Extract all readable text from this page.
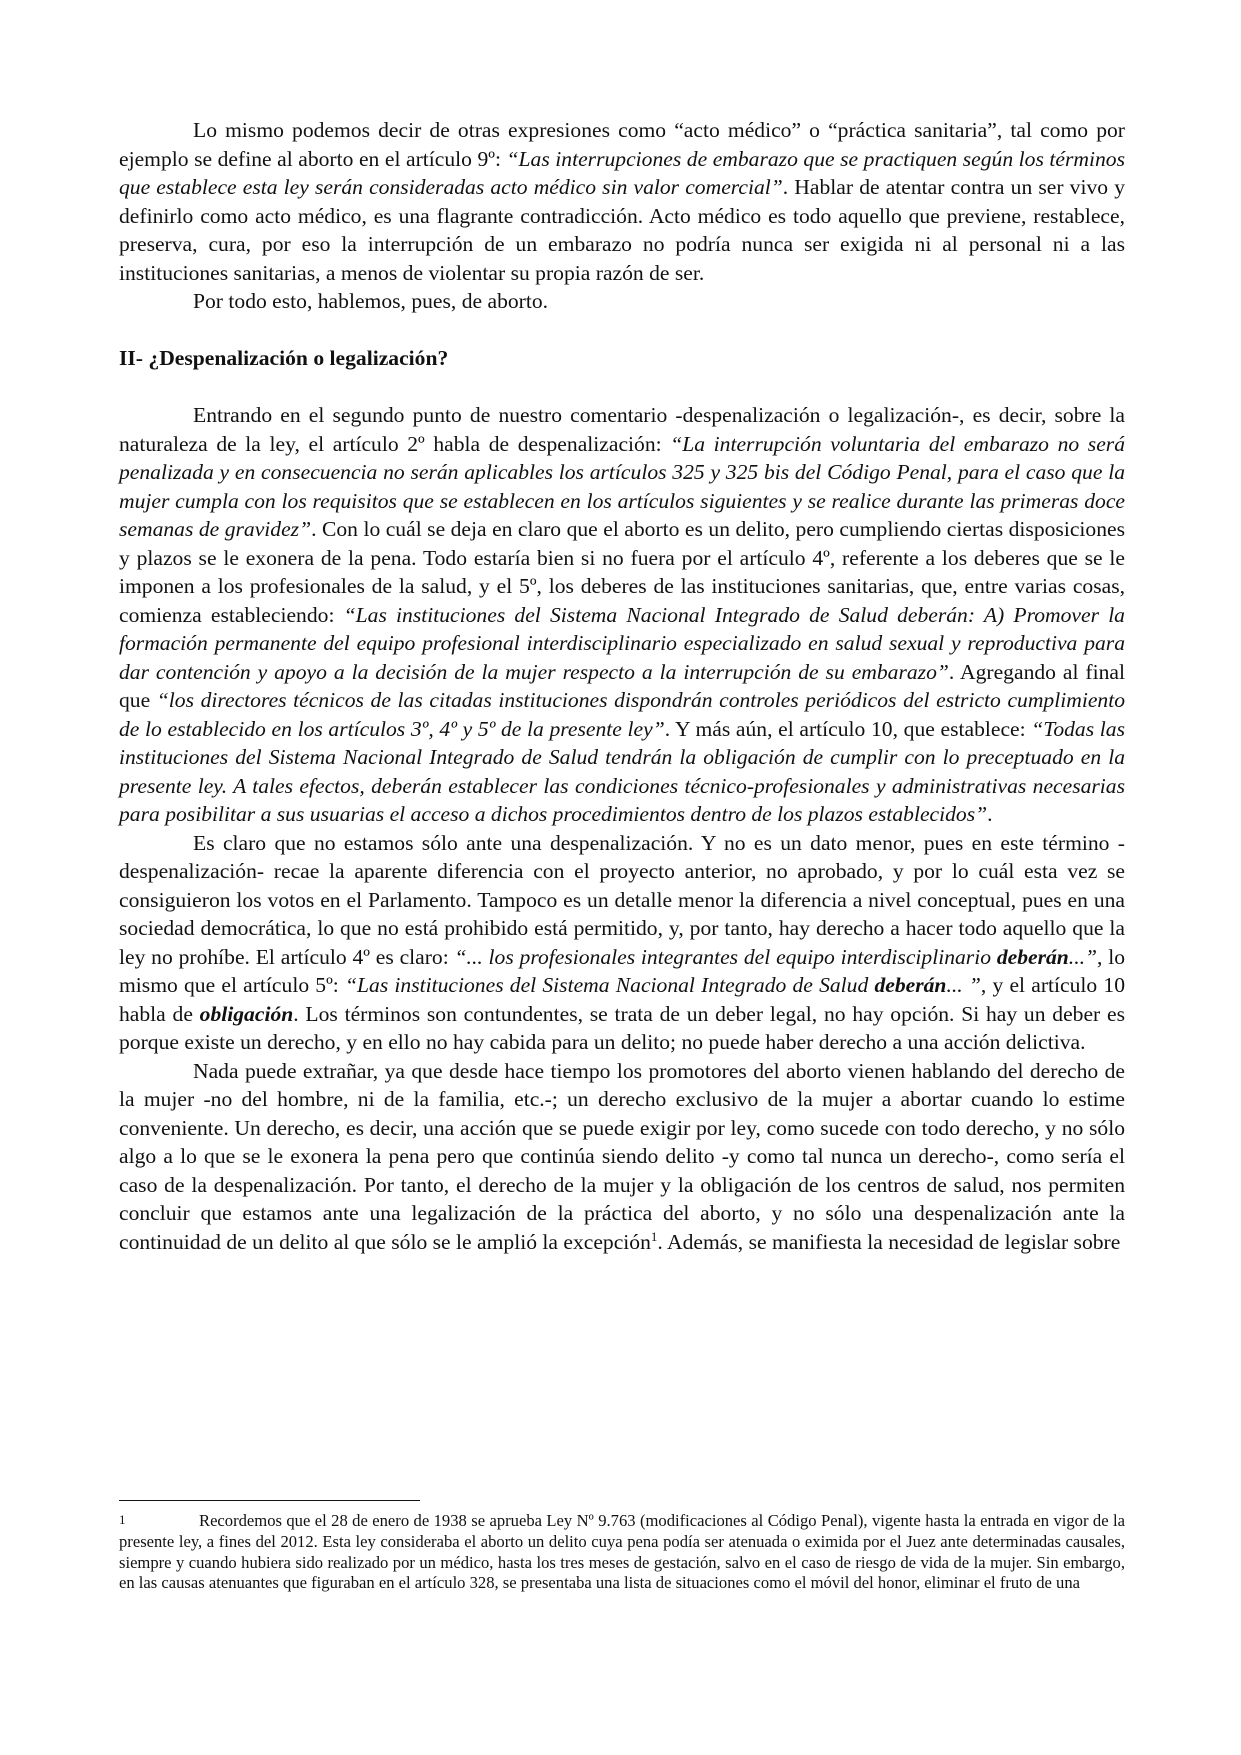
Lo mismo podemos decir de otras expresiones como “acto médico” o “práctica sanitaria”, tal como por ejemplo se define al aborto en el artículo 9º: “Las interrupciones de embarazo que se practiquen según los términos que establece esta ley serán consideradas acto médico sin valor comercial”. Hablar de atentar contra un ser vivo y definirlo como acto médico, es una flagrante contradicción. Acto médico es todo aquello que previene, restablece, preserva, cura, por eso la interrupción de un embarazo no podría nunca ser exigida ni al personal ni a las instituciones sanitarias, a menos de violentar su propia razón de ser.

Por todo esto, hablemos, pues, de aborto.

II- ¿Despenalización o legalización?

Entrando en el segundo punto de nuestro comentario -despenalización o legalización-, es decir, sobre la naturaleza de la ley, el artículo 2º habla de despenalización: “La interrupción voluntaria del embarazo no será penalizada y en consecuencia no serán aplicables los artículos 325 y 325 bis del Código Penal, para el caso que la mujer cumpla con los requisitos que se establecen en los artículos siguientes y se realice durante las primeras doce semanas de gravidez”. Con lo cuál se deja en claro que el aborto es un delito, pero cumpliendo ciertas disposiciones y plazos se le exonera de la pena. Todo estaría bien si no fuera por el artículo 4º, referente a los deberes que se le imponen a los profesionales de la salud, y el 5º, los deberes de las instituciones sanitarias, que, entre varias cosas, comienza estableciendo: “Las instituciones del Sistema Nacional Integrado de Salud deberán: A) Promover la formación permanente del equipo profesional interdisciplinario especializado en salud sexual y reproductiva para dar contención y apoyo a la decisión de la mujer respecto a la interrupción de su embarazo”. Agregando al final que “los directores técnicos de las citadas instituciones dispondrán controles periódicos del estricto cumplimiento de lo establecido en los artículos 3º, 4º y 5º de la presente ley”. Y más aún, el artículo 10, que establece: “Todas las instituciones del Sistema Nacional Integrado de Salud tendrán la obligación de cumplir con lo preceptuado en la presente ley. A tales efectos, deberán establecer las condiciones técnico-profesionales y administrativas necesarias para posibilitar a sus usuarias el acceso a dichos procedimientos dentro de los plazos establecidos”.

Es claro que no estamos sólo ante una despenalización. Y no es un dato menor, pues en este término -despenalización- recae la aparente diferencia con el proyecto anterior, no aprobado, y por lo cuál esta vez se consiguieron los votos en el Parlamento. Tampoco es un detalle menor la diferencia a nivel conceptual, pues en una sociedad democrática, lo que no está prohibido está permitido, y, por tanto, hay derecho a hacer todo aquello que la ley no prohíbe. El artículo 4º es claro: “... los profesionales integrantes del equipo interdisciplinario deberán...”, lo mismo que el artículo 5º: “Las instituciones del Sistema Nacional Integrado de Salud deberán... ”, y el artículo 10 habla de obligación. Los términos son contundentes, se trata de un deber legal, no hay opción. Si hay un deber es porque existe un derecho, y en ello no hay cabida para un delito; no puede haber derecho a una acción delictiva.

Nada puede extrañar, ya que desde hace tiempo los promotores del aborto vienen hablando del derecho de la mujer -no del hombre, ni de la familia, etc.-; un derecho exclusivo de la mujer a abortar cuando lo estime conveniente. Un derecho, es decir, una acción que se puede exigir por ley, como sucede con todo derecho, y no sólo algo a lo que se le exonera la pena pero que continúa siendo delito -y como tal nunca un derecho-, como sería el caso de la despenalización. Por tanto, el derecho de la mujer y la obligación de los centros de salud, nos permiten concluir que estamos ante una legalización de la práctica del aborto, y no sólo una despenalización ante la continuidad de un delito al que sólo se le amplió la excepción$^1$. Además, se manifiesta la necesidad de legislar sobre

1	Recordemos que el 28 de enero de 1938 se aprueba Ley Nº 9.763 (modificaciones al Código Penal), vigente hasta la entrada en vigor de la presente ley, a fines del 2012. Esta ley consideraba el aborto un delito cuya pena podía ser atenuada o eximida por el Juez ante determinadas causales, siempre y cuando hubiera sido realizado por un médico, hasta los tres meses de gestación, salvo en el caso de riesgo de vida de la mujer. Sin embargo, en las causas atenuantes que figuraban en el artículo 328, se presentaba una lista de situaciones como el móvil del honor, eliminar el fruto de una
